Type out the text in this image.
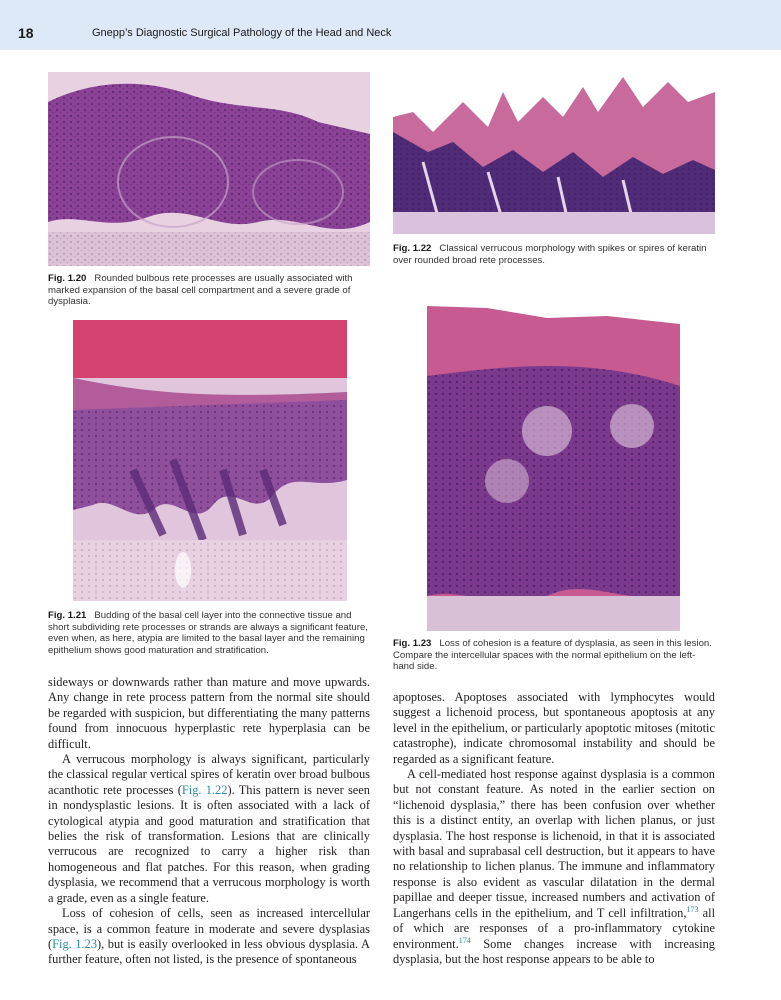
18	Gnepp’s Diagnostic Surgical Pathology of the Head and Neck
Fig. 1.20 Rounded bulbous rete processes are usually associated with marked expansion of the basal cell compartment and a severe grade of dysplasia.
Fig. 1.22 Classical verrucous morphology with spikes or spires of keratin over rounded broad rete processes.
Fig. 1.21 Budding of the basal cell layer into the connective tissue and short subdividing rete processes or strands are always a significant feature, even when, as here, atypia are limited to the basal layer and the remaining epithelium shows good maturation and stratification.
Fig. 1.23 Loss of cohesion is a feature of dysplasia, as seen in this lesion. Compare the intercellular spaces with the normal epithelium on the left-hand side.

sideways or downwards rather than mature and move upwards. Any change in rete process pattern from the normal site should be regarded with suspicion, but differentiating the many patterns found from innocuous hyperplastic rete hyperplasia can be difficult.

A verrucous morphology is always significant, particularly the classical regular vertical spires of keratin over broad bulbous acanthotic rete processes (Fig. 1.22). This pattern is never seen in nondysplastic lesions. It is often associated with a lack of cytological atypia and good maturation and stratification that belies the risk of transformation. Lesions that are clinically verrucous are recognized to carry a higher risk than homogeneous and flat patches. For this reason, when grading dysplasia, we recommend that a verrucous morphology is worth a grade, even as a single feature.

Loss of cohesion of cells, seen as increased intercellular space, is a common feature in moderate and severe dysplasias (Fig. 1.23), but is easily overlooked in less obvious dysplasia. A further feature, often not listed, is the presence of spontaneous

apoptoses. Apoptoses associated with lymphocytes would suggest a lichenoid process, but spontaneous apoptosis at any level in the epithelium, or particularly apoptotic mitoses (mitotic catastrophe), indicate chromosomal instability and should be regarded as a significant feature.

A cell-mediated host response against dysplasia is a common but not constant feature. As noted in the earlier section on “lichenoid dysplasia,” there has been confusion over whether this is a distinct entity, an overlap with lichen planus, or just dysplasia. The host response is lichenoid, in that it is associated with basal and suprabasal cell destruction, but it appears to have no relationship to lichen planus. The immune and inflammatory response is also evident as vascular dilatation in the dermal papillae and deeper tissue, increased numbers and activation of Langerhans cells in the epithelium, and T cell infiltration,$^{173}$ all of which are responses of a pro-inflammatory cytokine environment.$^{174}$ Some changes increase with increasing dysplasia, but the host response appears to be able to
